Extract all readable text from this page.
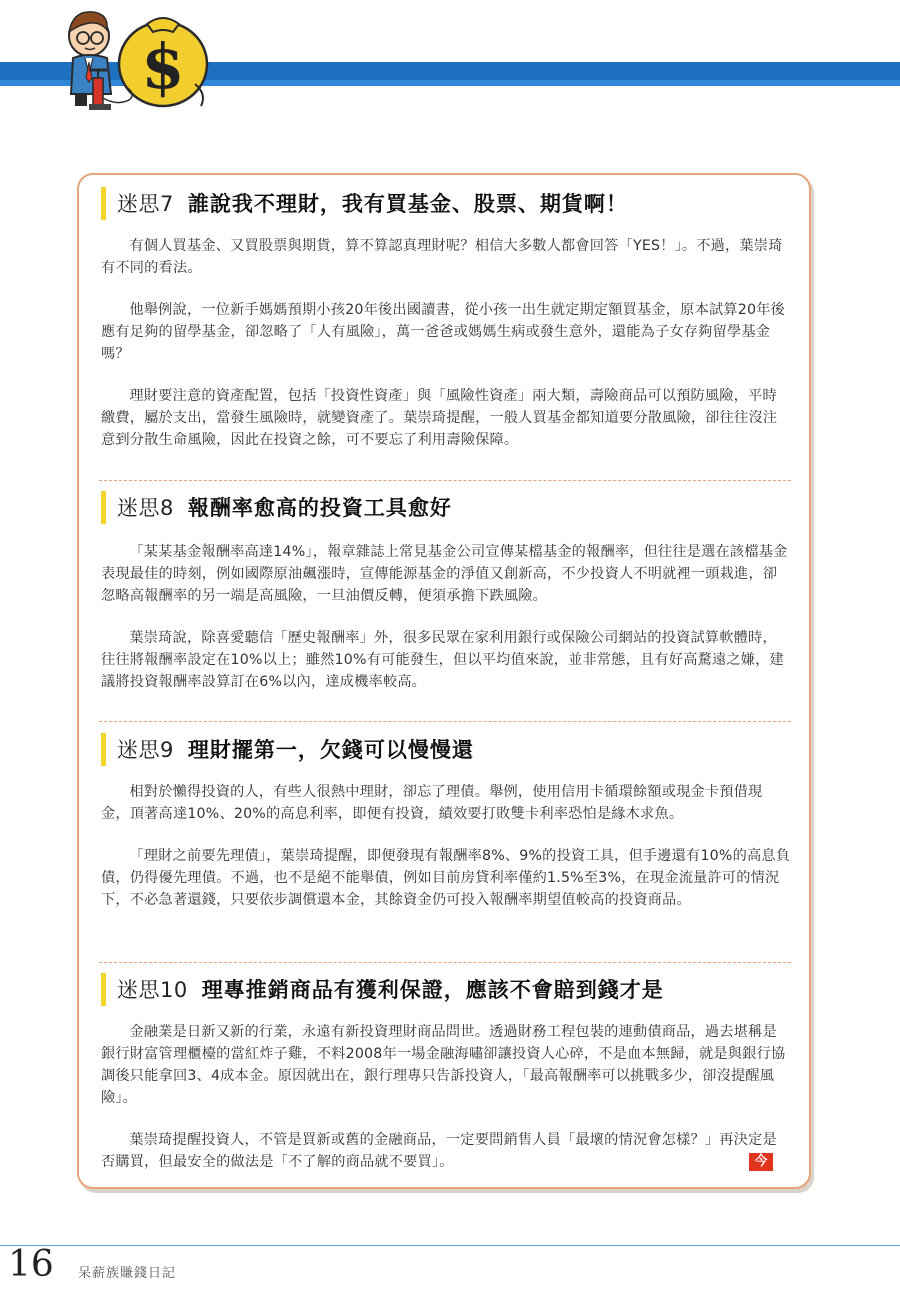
$
迷思7 誰說我不理財，我有買基金、股票、期貨啊！

有個人買基金、又買股票與期貨，算不算認真理財呢？相信大多數人都會回答「YES！」。不過，葉崇琦有不同的看法。

他舉例說，一位新手媽媽預期小孩20年後出國讀書，從小孩一出生就定期定額買基金，原本試算20年後應有足夠的留學基金，卻忽略了「人有風險」，萬一爸爸或媽媽生病或發生意外，還能為子女存夠留學基金嗎？

理財要注意的資產配置，包括「投資性資產」與「風險性資產」兩大類，壽險商品可以預防風險，平時繳費，屬於支出，當發生風險時，就變資產了。葉崇琦提醒，一般人買基金都知道要分散風險，卻往往沒注意到分散生命風險，因此在投資之餘，可不要忘了利用壽險保障。

迷思8 報酬率愈高的投資工具愈好

「某某基金報酬率高達14%」，報章雜誌上常見基金公司宣傳某檔基金的報酬率，但往往是選在該檔基金表現最佳的時刻，例如國際原油飆漲時，宣傳能源基金的淨值又創新高，不少投資人不明就裡一頭栽進，卻忽略高報酬率的另一端是高風險，一旦油價反轉，便須承擔下跌風險。

葉崇琦說，除喜愛聽信「歷史報酬率」外，很多民眾在家利用銀行或保險公司網站的投資試算軟體時，往往將報酬率設定在10%以上；雖然10%有可能發生，但以平均值來說，並非常態，且有好高騖遠之嫌，建議將投資報酬率設算訂在6%以內，達成機率較高。

迷思9 理財擺第一，欠錢可以慢慢還

相對於懶得投資的人，有些人很熱中理財，卻忘了理債。舉例，使用信用卡循環餘額或現金卡預借現金，頂著高達10%、20%的高息利率，即便有投資，績效要打敗雙卡利率恐怕是緣木求魚。

「理財之前要先理債」，葉崇琦提醒，即便發現有報酬率8%、9%的投資工具，但手邊還有10%的高息負債，仍得優先理債。不過，也不是絕不能舉債，例如目前房貸利率僅約1.5%至3%，在現金流量許可的情況下，不必急著還錢，只要依步調償還本金，其餘資金仍可投入報酬率期望值較高的投資商品。

迷思10 理專推銷商品有獲利保證，應該不會賠到錢才是

金融業是日新又新的行業，永遠有新投資理財商品問世。透過財務工程包裝的連動債商品，過去堪稱是銀行財富管理櫃檯的當紅炸子雞，不料2008年一場金融海嘯卻讓投資人心碎，不是血本無歸，就是與銀行協調後只能拿回3、4成本金。原因就出在，銀行理專只告訴投資人，「最高報酬率可以挑戰多少，卻沒提醒風險」。

葉崇琦提醒投資人，不管是買新或舊的金融商品，一定要問銷售人員「最壞的情況會怎樣？」再決定是否購買，但最安全的做法是「不了解的商品就不要買」。	今
16 呆薪族賺錢日記
